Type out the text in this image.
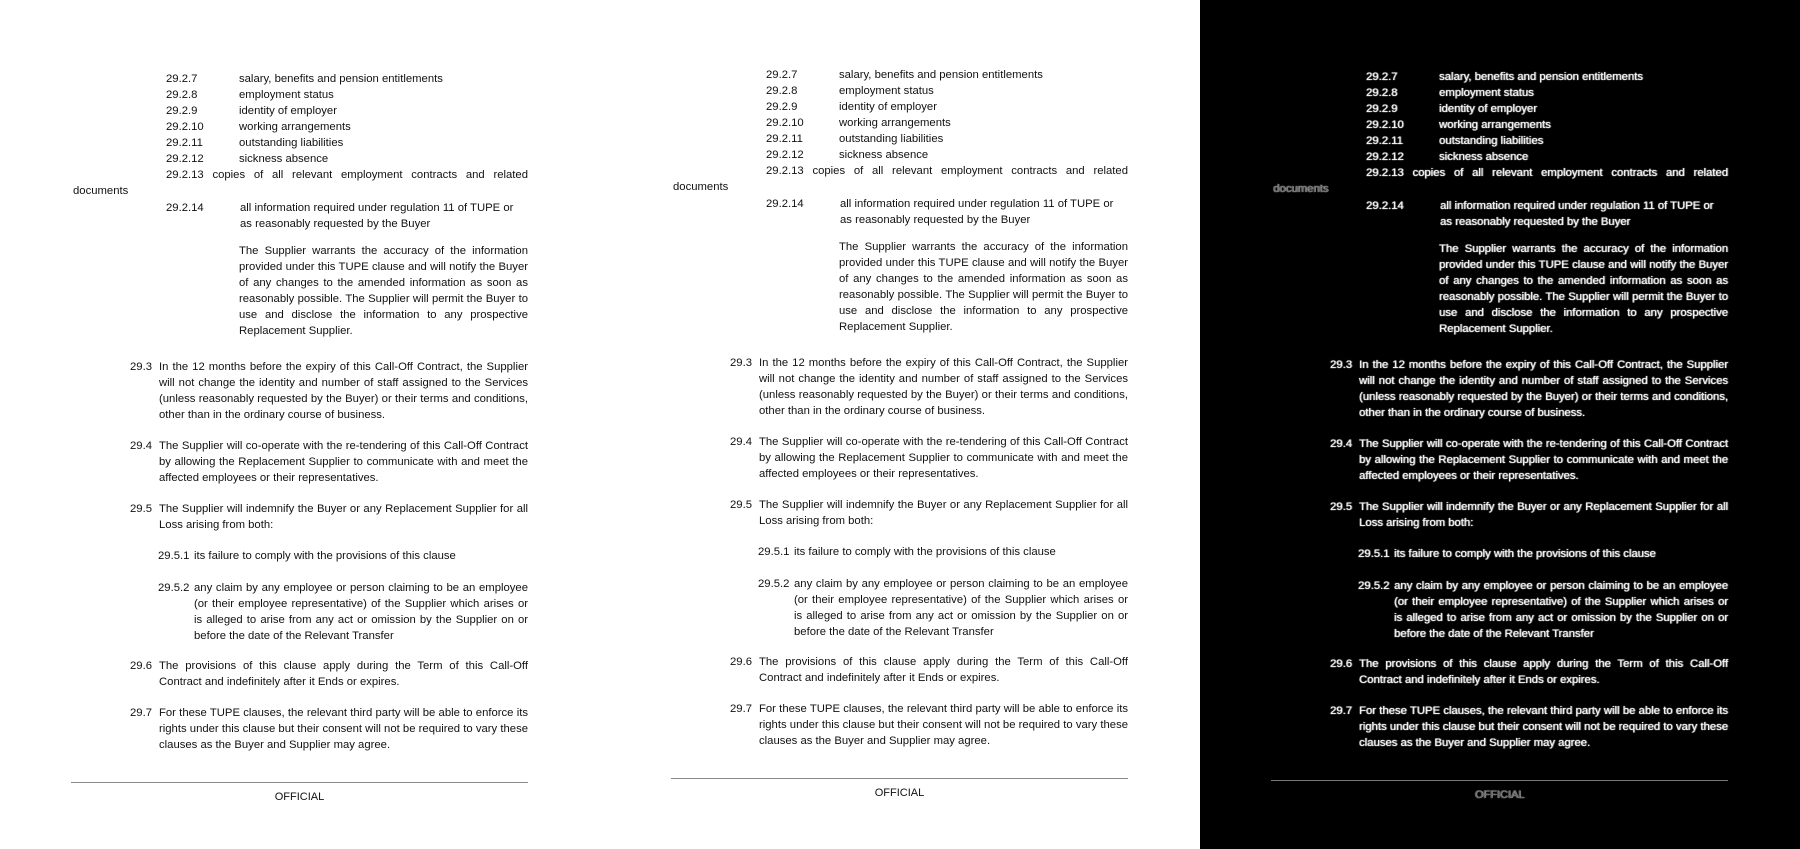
29.2.7	salary, benefits and pension entitlements
29.2.8	employment status
29.2.9	identity of employer
29.2.10	working arrangements
29.2.11	outstanding liabilities
29.2.12	sickness absence
29.2.13 copies of all relevant employment contracts and related
documents
29.2.14	all information required under regulation 11 of TUPE or as reasonably requested by the Buyer
The Supplier warrants the accuracy of the information provided under this TUPE clause and will notify the Buyer of any changes to the amended information as soon as reasonably possible. The Supplier will permit the Buyer to use and disclose the information to any prospective Replacement Supplier.
29.3 In the 12 months before the expiry of this Call-Off Contract, the Supplier will not change the identity and number of staff assigned to the Services (unless reasonably requested by the Buyer) or their terms and conditions, other than in the ordinary course of business.
29.4 The Supplier will co-operate with the re-tendering of this Call-Off Contract by allowing the Replacement Supplier to communicate with and meet the affected employees or their representatives.
29.5 The Supplier will indemnify the Buyer or any Replacement Supplier for all Loss arising from both:
29.5.1 its failure to comply with the provisions of this clause
29.5.2 any claim by any employee or person claiming to be an employee (or their employee representative) of the Supplier which arises or is alleged to arise from any act or omission by the Supplier on or before the date of the Relevant Transfer
29.6 The provisions of this clause apply during the Term of this Call-Off Contract and indefinitely after it Ends or expires.
29.7 For these TUPE clauses, the relevant third party will be able to enforce its rights under this clause but their consent will not be required to vary these clauses as the Buyer and Supplier may agree.
OFFICIAL
29.2.7	salary, benefits and pension entitlements
29.2.8	employment status
29.2.9	identity of employer
29.2.10	working arrangements
29.2.11	outstanding liabilities
29.2.12	sickness absence
29.2.13 copies of all relevant employment contracts and related
documents
29.2.14	all information required under regulation 11 of TUPE or as reasonably requested by the Buyer
The Supplier warrants the accuracy of the information provided under this TUPE clause and will notify the Buyer of any changes to the amended information as soon as reasonably possible. The Supplier will permit the Buyer to use and disclose the information to any prospective Replacement Supplier.
29.3 In the 12 months before the expiry of this Call-Off Contract, the Supplier will not change the identity and number of staff assigned to the Services (unless reasonably requested by the Buyer) or their terms and conditions, other than in the ordinary course of business.
29.4 The Supplier will co-operate with the re-tendering of this Call-Off Contract by allowing the Replacement Supplier to communicate with and meet the affected employees or their representatives.
29.5 The Supplier will indemnify the Buyer or any Replacement Supplier for all Loss arising from both:
29.5.1 its failure to comply with the provisions of this clause
29.5.2 any claim by any employee or person claiming to be an employee (or their employee representative) of the Supplier which arises or is alleged to arise from any act or omission by the Supplier on or before the date of the Relevant Transfer
29.6 The provisions of this clause apply during the Term of this Call-Off Contract and indefinitely after it Ends or expires.
29.7 For these TUPE clauses, the relevant third party will be able to enforce its rights under this clause but their consent will not be required to vary these clauses as the Buyer and Supplier may agree.
OFFICIAL
29.2.7	salary, benefits and pension entitlements
29.2.8	employment status
29.2.9	identity of employer
29.2.10	working arrangements
29.2.11	outstanding liabilities
29.2.12	sickness absence
29.2.13 copies of all relevant employment contracts and related
documents
29.2.14	all information required under regulation 11 of TUPE or as reasonably requested by the Buyer
The Supplier warrants the accuracy of the information provided under this TUPE clause and will notify the Buyer of any changes to the amended information as soon as reasonably possible. The Supplier will permit the Buyer to use and disclose the information to any prospective Replacement Supplier.
29.3 In the 12 months before the expiry of this Call-Off Contract, the Supplier will not change the identity and number of staff assigned to the Services (unless reasonably requested by the Buyer) or their terms and conditions, other than in the ordinary course of business.
29.4 The Supplier will co-operate with the re-tendering of this Call-Off Contract by allowing the Replacement Supplier to communicate with and meet the affected employees or their representatives.
29.5 The Supplier will indemnify the Buyer or any Replacement Supplier for all Loss arising from both:
29.5.1 its failure to comply with the provisions of this clause
29.5.2 any claim by any employee or person claiming to be an employee (or their employee representative) of the Supplier which arises or is alleged to arise from any act or omission by the Supplier on or before the date of the Relevant Transfer
29.6 The provisions of this clause apply during the Term of this Call-Off Contract and indefinitely after it Ends or expires.
29.7 For these TUPE clauses, the relevant third party will be able to enforce its rights under this clause but their consent will not be required to vary these clauses as the Buyer and Supplier may agree.
OFFICIAL
